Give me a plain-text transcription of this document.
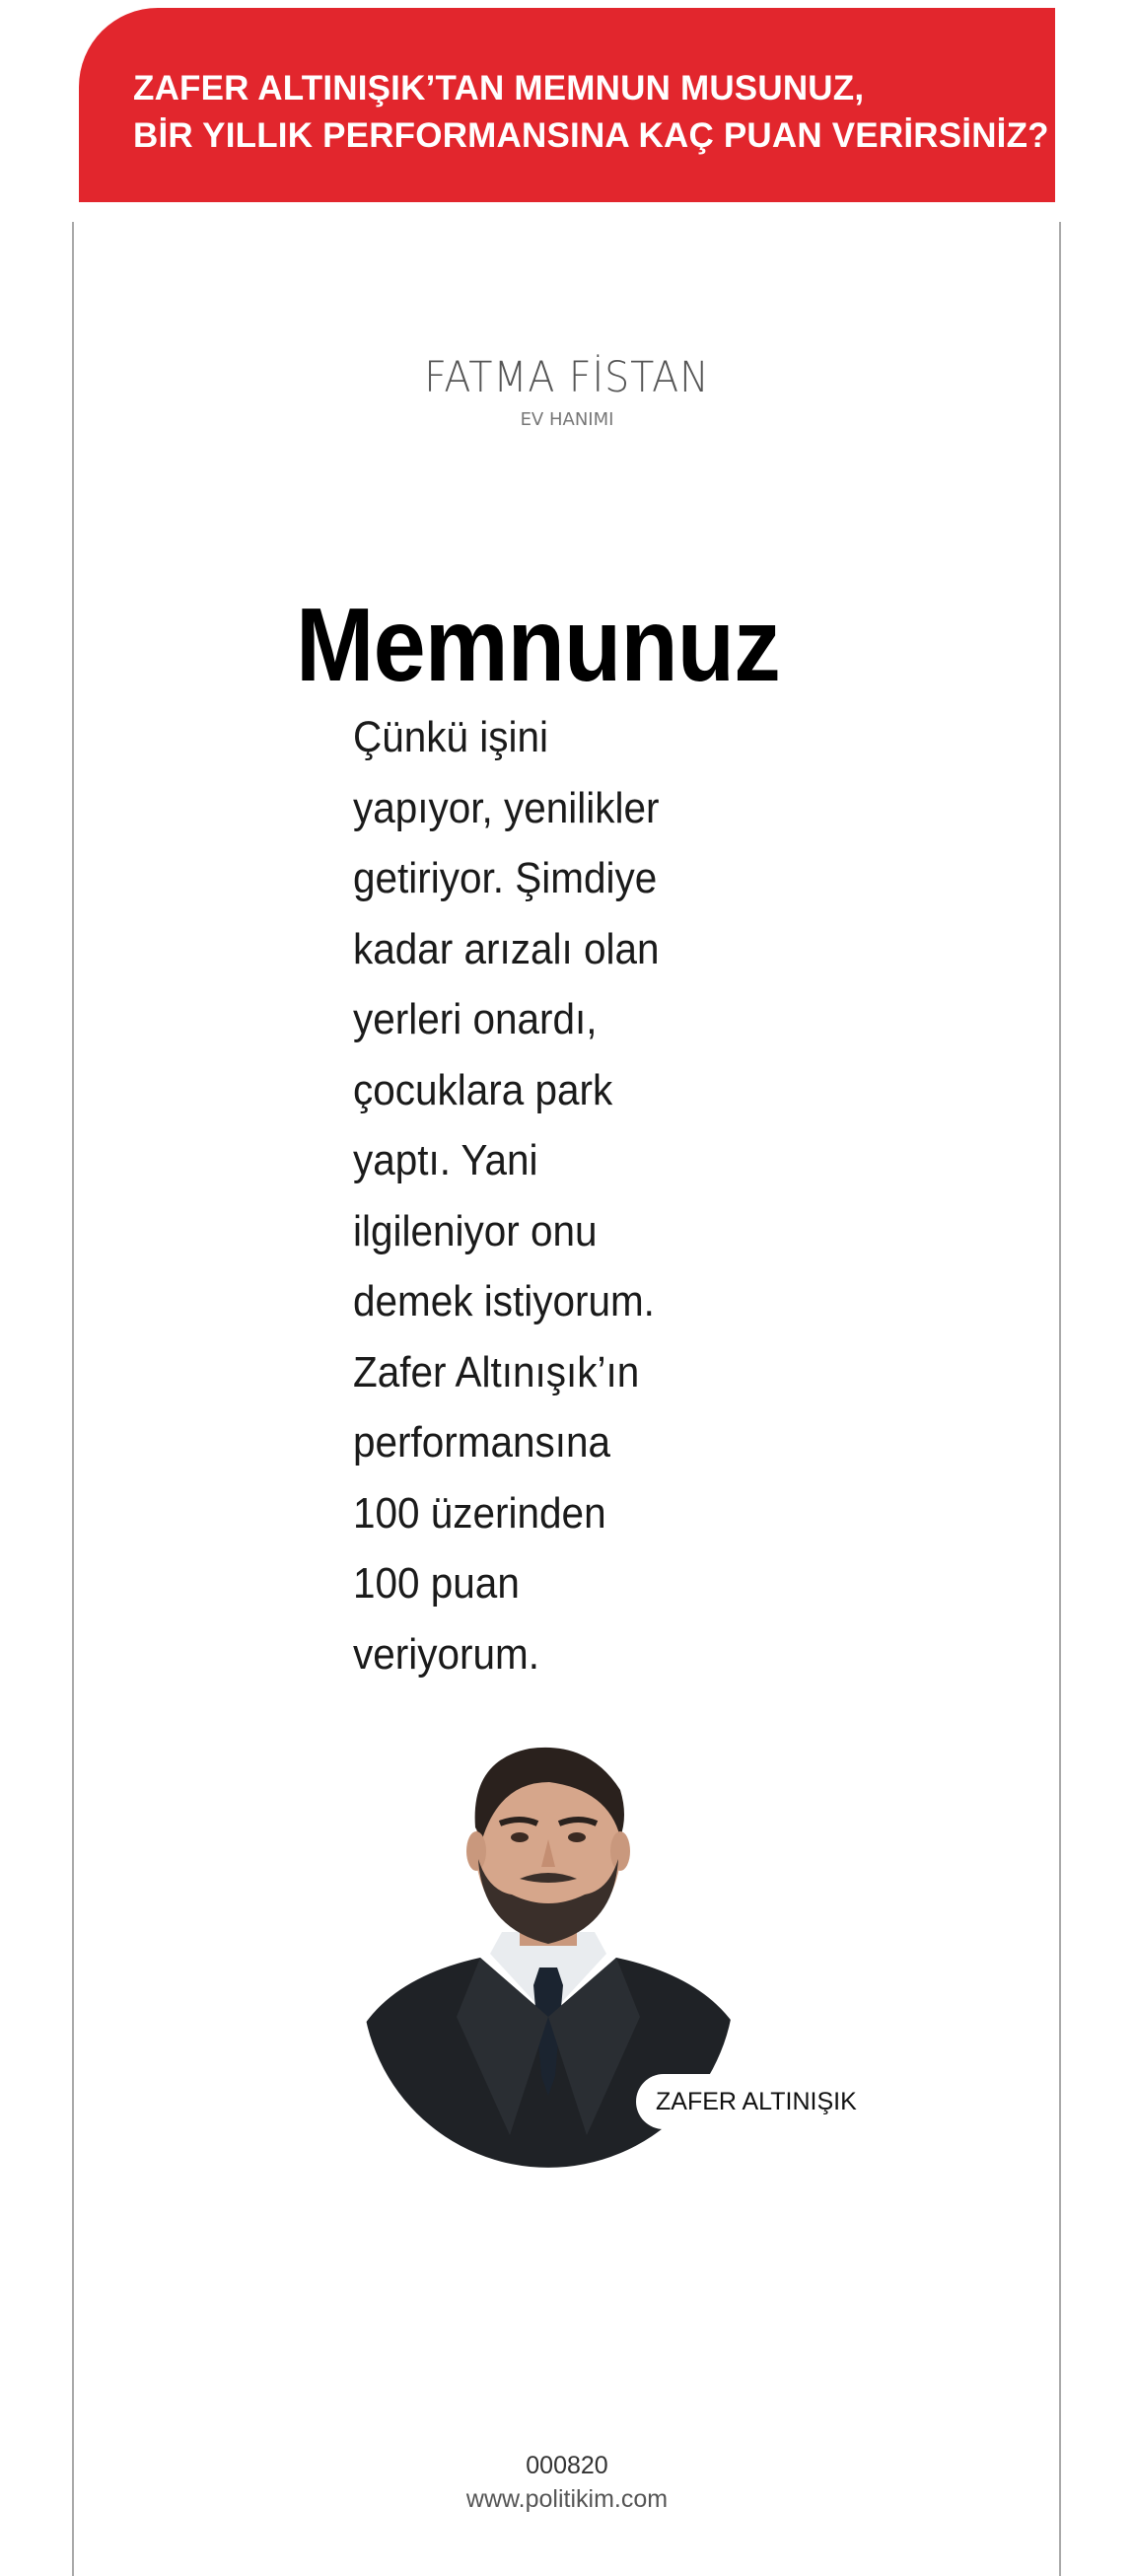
ZAFER ALTINIŞIK’TAN MEMNUN MUSUNUZ,
BİR YILLIK PERFORMANSINA KAÇ PUAN VERİRSİNİZ?
FATMA FİSTAN
EV HANIMI
Memnunuz
Çünkü işini
yapıyor, yenilikler
getiriyor. Şimdiye
kadar arızalı olan
yerleri onardı,
çocuklara park
yaptı. Yani
ilgileniyor onu
demek istiyorum.
Zafer Altınışık’ın
performansına
100 üzerinden
100 puan
veriyorum.
ZAFER ALTINIŞIK
000820
www.politikim.com
